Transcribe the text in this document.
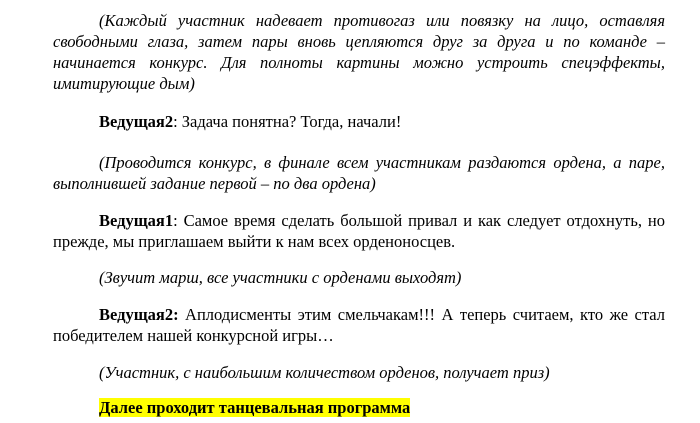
(Каждый участник надевает противогаз или повязку на лицо, оставляя свободными глаза, затем пары вновь цепляются друг за друга и по команде – начинается конкурс. Для полноты картины можно устроить спецэффекты, имитирующие дым)

Ведущая2: Задача понятна? Тогда, начали!

(Проводится конкурс, в финале всем участникам раздаются ордена, а паре, выполнившей задание первой – по два ордена)

Ведущая1: Самое время сделать большой привал и как следует отдохнуть, но прежде, мы приглашаем выйти к нам всех орденоносцев.

(Звучит марш, все участники с орденами выходят)

Ведущая2: Аплодисменты этим смельчакам!!! А теперь считаем, кто же стал победителем нашей конкурсной игры…

(Участник, с наибольшим количеством орденов, получает приз)

Далее проходит танцевальная программа
